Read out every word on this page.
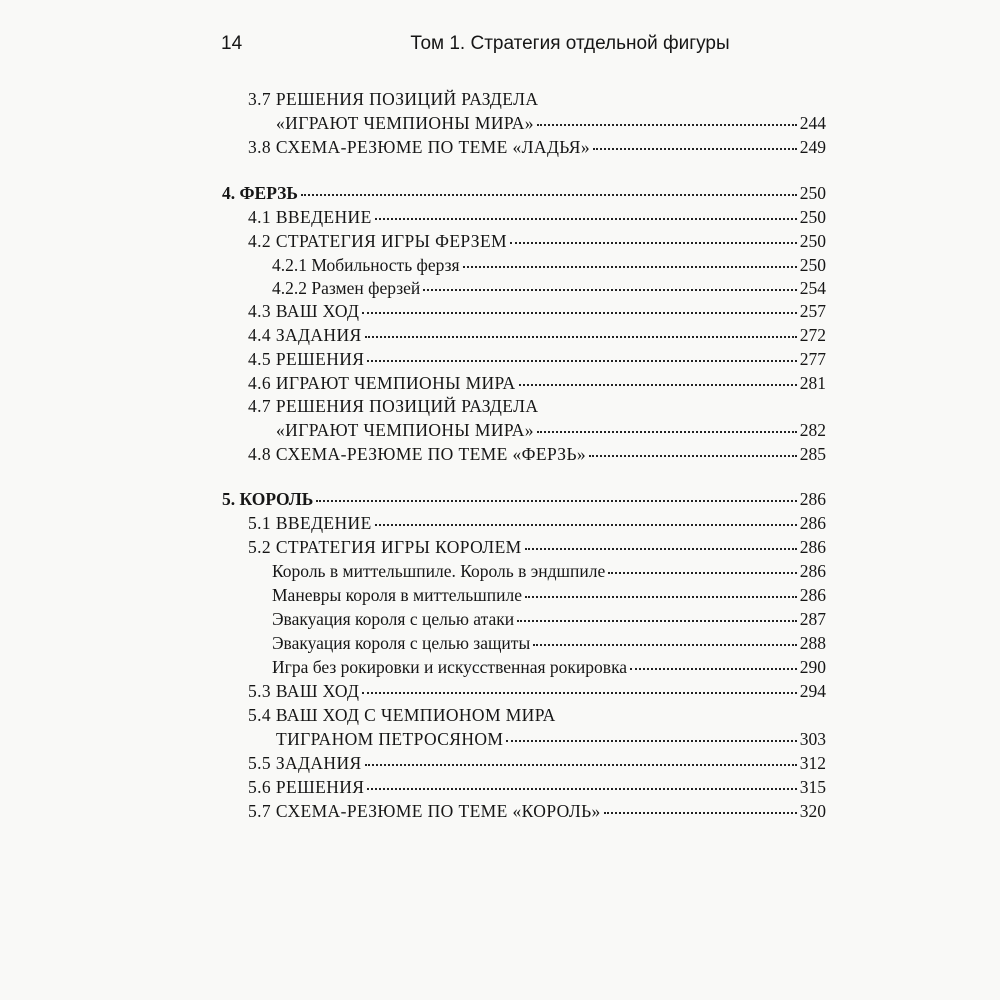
14	Том 1. Стратегия отдельной фигуры
3.7 РЕШЕНИЯ ПОЗИЦИЙ РАЗДЕЛА
«ИГРАЮТ ЧЕМПИОНЫ МИРА»	244
3.8 СХЕМА-РЕЗЮМЕ ПО ТЕМЕ «ЛАДЬЯ»	249
4. ФЕРЗЬ	250
4.1 ВВЕДЕНИЕ	250
4.2 СТРАТЕГИЯ ИГРЫ ФЕРЗЕМ	250
4.2.1 Мобильность ферзя	250
4.2.2 Размен ферзей	254
4.3 ВАШ ХОД	257
4.4 ЗАДАНИЯ	272
4.5 РЕШЕНИЯ	277
4.6 ИГРАЮТ ЧЕМПИОНЫ МИРА	281
4.7 РЕШЕНИЯ ПОЗИЦИЙ РАЗДЕЛА
«ИГРАЮТ ЧЕМПИОНЫ МИРА»	282
4.8 СХЕМА-РЕЗЮМЕ ПО ТЕМЕ «ФЕРЗЬ»	285
5. КОРОЛЬ	286
5.1 ВВЕДЕНИЕ	286
5.2 СТРАТЕГИЯ ИГРЫ КОРОЛЕМ	286
Король в миттельшпиле. Король в эндшпиле	286
Маневры короля в миттельшпиле	286
Эвакуация короля с целью атаки	287
Эвакуация короля с целью защиты	288
Игра без рокировки и искусственная рокировка	290
5.3 ВАШ ХОД	294
5.4 ВАШ ХОД С ЧЕМПИОНОМ МИРА
ТИГРАНОМ ПЕТРОСЯНОМ	303
5.5 ЗАДАНИЯ	312
5.6 РЕШЕНИЯ	315
5.7 СХЕМА-РЕЗЮМЕ ПО ТЕМЕ «КОРОЛЬ»	320
